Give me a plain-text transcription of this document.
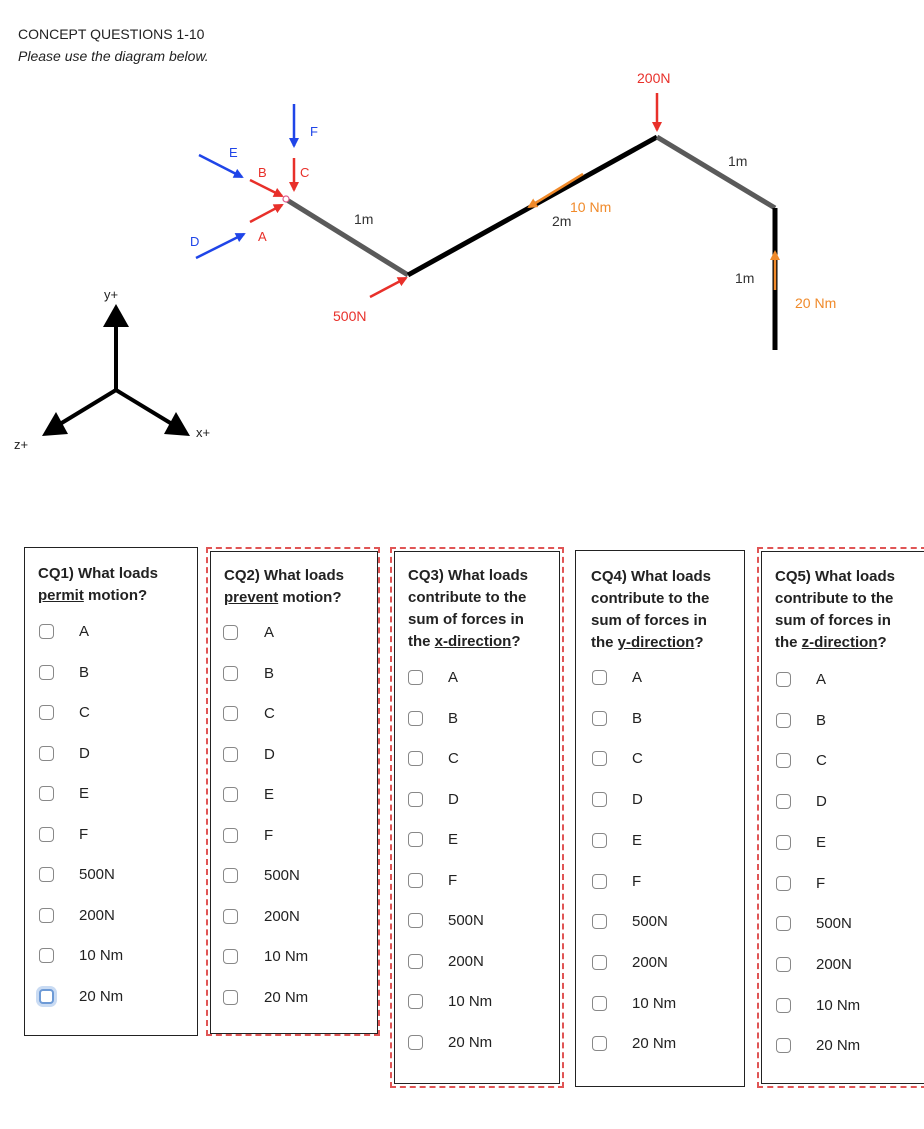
CONCEPT QUESTIONS 1-10
Please use the diagram below.
200N
500N
10 Nm
20 Nm
1m	2m
1m
1m
A
B	C
D
E
F
y+
x+
z+
CQ1) What loads permit motion?
A
B
C
D
E
F
500N
200N
10 Nm
20 Nm
CQ2) What loads prevent motion?
A
B
C
D
E
F
500N
200N
10 Nm
20 Nm
CQ3) What loads contribute to the sum of forces in the x-direction?
A
B
C
D
E
F
500N
200N
10 Nm
20 Nm
CQ4) What loads contribute to the sum of forces in the y-direction?
A
B
C
D
E
F
500N
200N
10 Nm
20 Nm
CQ5) What loads contribute to the sum of forces in the z-direction?
A
B
C
D
E
F
500N
200N
10 Nm
20 Nm
